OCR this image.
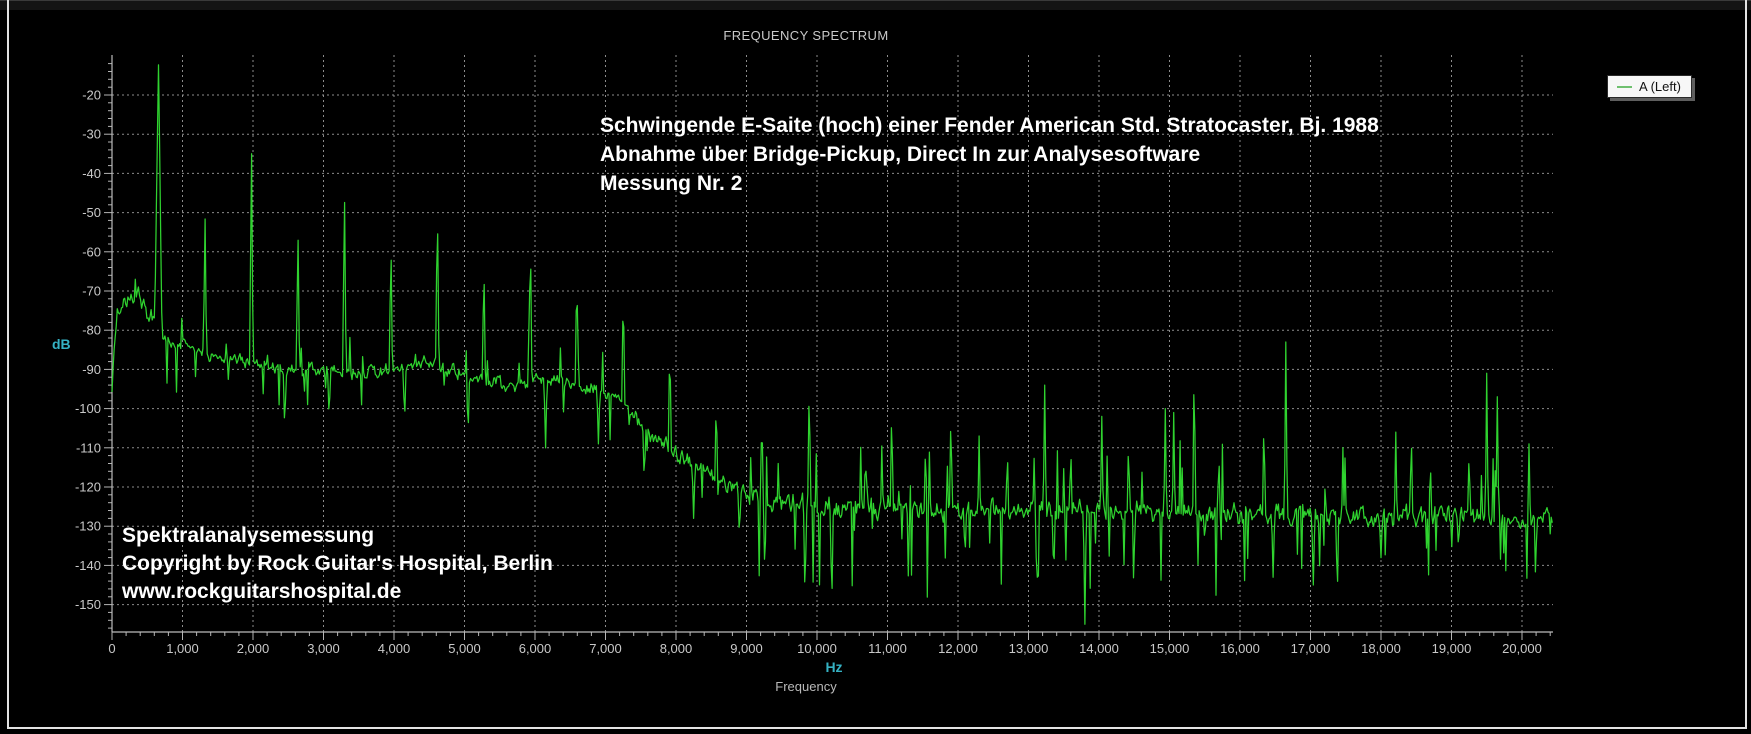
-20
-30
-40
-50
-60
-70
-80
-90
-100
-110
-120
-130
-140
-150
0	1,000	2,000	3,000	4,000	5,000	6,000	7,000	8,000	9,000	10,000 11,000 12,000 13,000 14,000 15,000 16,000 17,000 18,000 19,000 20,000
FREQUENCY SPECTRUM
A (Left)
dB
Hz
Frequency
Schwingende E-Saite (hoch) einer Fender American Std. Stratocaster, Bj. 1988
Abnahme über Bridge-Pickup, Direct In zur Analysesoftware
Messung Nr. 2
Spektralanalysemessung
Copyright by Rock Guitar's Hospital, Berlin
www.rockguitarshospital.de
